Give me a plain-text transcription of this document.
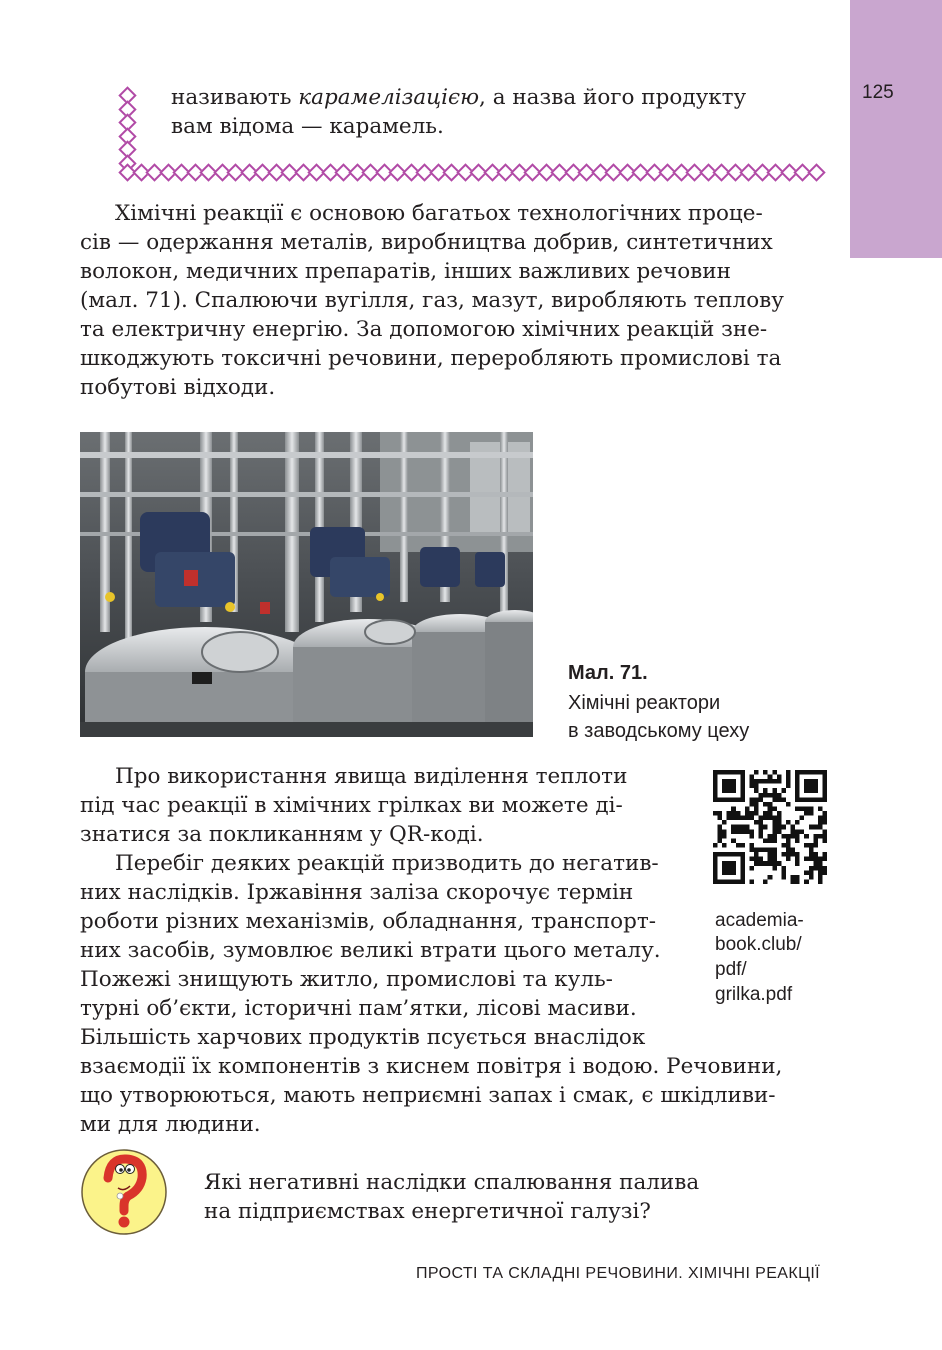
125
називають карамелізацією, а назва його продукту
вам відома — карамель.
Хімічні реакції є основою багатьох технологічних проце-
сів — одержання металів, виробництва добрив, синтетичних
волокон, медичних препаратів, інших важливих речовин
(мал. 71). Спалюючи вугілля, газ, мазут, виробляють теплову
та електричну енергію. За допомогою хімічних реакцій зне-
шкоджують токсичні речовини, переробляють промислові та
побутові відходи.
Мал. 71.
Хімічні реактори
в заводському цеху
Про використання явища виділення теплоти
під час реакції в хімічних грілках ви можете ді-
знатися за покликанням у QR-коді.
Перебіг деяких реакцій призводить до негатив-
них наслідків. Іржавіння заліза скорочує термін
роботи різних механізмів, обладнання, транспорт-
них засобів, зумовлює великі втрати цього металу.
Пожежі знищують житло, промислові та куль-
турні об’єкти, історичні пам’ятки, лісові масиви.
Більшість харчових продуктів псується внаслідок
взаємодії їх компонентів з киснем повітря і водою. Речовини,
що утворюються, мають неприємні запах і смак, є шкідливи-
ми для людини.
academia-
book.club/
pdf/
grilka.pdf
Які негативні наслідки спалювання палива
на підприємствах енергетичної галузі?
ПРОСТІ ТА СКЛАДНІ РЕЧОВИНИ. ХІМІЧНІ РЕАКЦІЇ
